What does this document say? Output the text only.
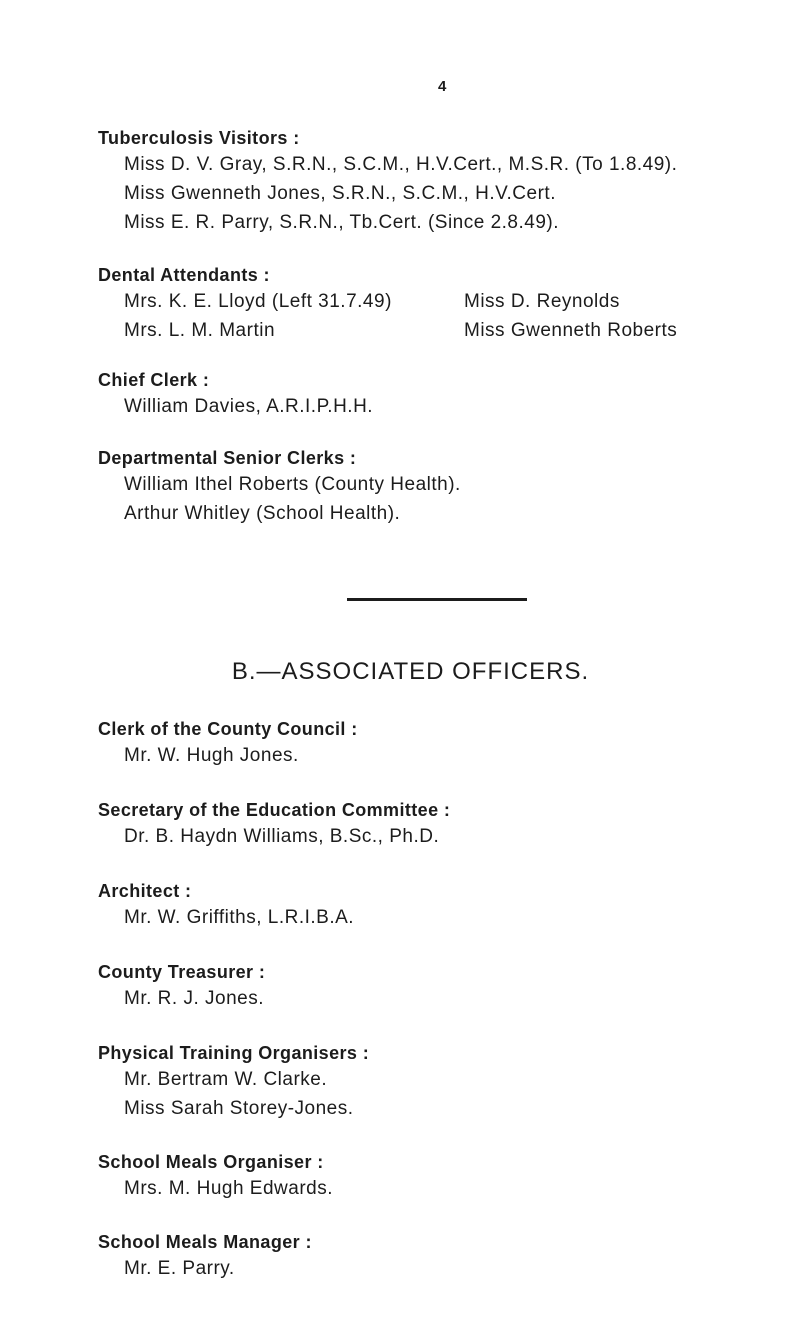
4
Tuberculosis Visitors :
Miss D. V. Gray, S.R.N., S.C.M., H.V.Cert., M.S.R. (To 1.8.49).
Miss Gwenneth Jones, S.R.N., S.C.M., H.V.Cert.
Miss E. R. Parry, S.R.N., Tb.Cert. (Since 2.8.49).
Dental Attendants :
Mrs. K. E. Lloyd (Left 31.7.49)	Miss D. Reynolds
Mrs. L. M. Martin	Miss Gwenneth Roberts
Chief Clerk :
William Davies, A.R.I.P.H.H.
Departmental Senior Clerks :
William Ithel Roberts (County Health).
Arthur Whitley (School Health).
B.—ASSOCIATED OFFICERS.
Clerk of the County Council :
Mr. W. Hugh Jones.
Secretary of the Education Committee :
Dr. B. Haydn Williams, B.Sc., Ph.D.
Architect :
Mr. W. Griffiths, L.R.I.B.A.
County Treasurer :
Mr. R. J. Jones.
Physical Training Organisers :
Mr. Bertram W. Clarke.
Miss Sarah Storey-Jones.
School Meals Organiser :
Mrs. M. Hugh Edwards.
School Meals Manager :
Mr. E. Parry.
